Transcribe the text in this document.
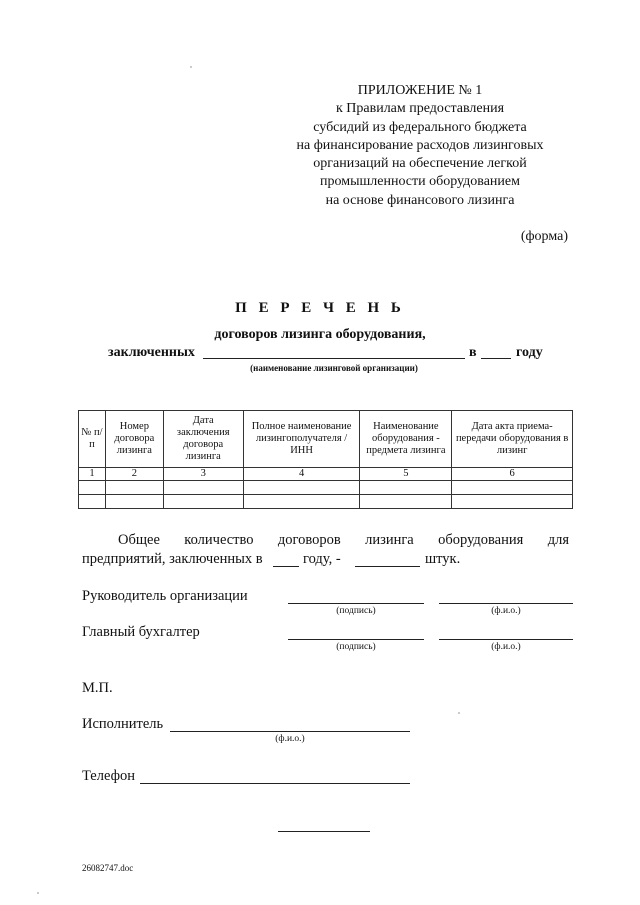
ПРИЛОЖЕНИЕ № 1
к Правилам предоставления
субсидий из федерального бюджета
на финансирование расходов лизинговых
организаций на обеспечение легкой
промышленности оборудованием
на основе финансового лизинга
(форма)
П Е Р Е Ч Е Н Ь
договоров лизинга оборудования,
заключенных	в	году
(наименование лизинговой организации)
№ п/п	Номер договора лизинга	Дата заключения договора лизинга	Полное наименование лизингополучателя / ИНН	Наименование оборудования - предмета лизинга	Дата акта приема-передачи оборудования в лизинг
1	2	3	4	5	6

Общее  количество  договоров  лизинга  оборудования  для
предприятий, заключенных в	году, -	штук.
Руководитель организации
(подпись)	(ф.и.о.)
Главный бухгалтер
(подпись)	(ф.и.о.)
М.П.
Исполнитель
(ф.и.о.)
Телефон
26082747.doc
